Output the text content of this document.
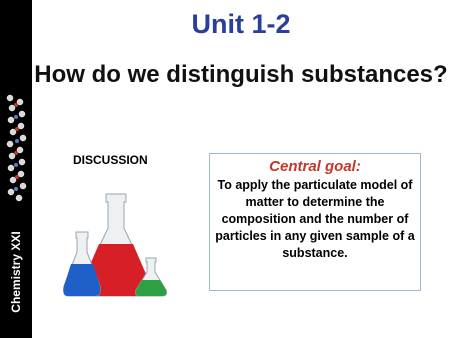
Chemistry XXI
Unit 1-2
How do we distinguish substances?
DISCUSSION	Central goal:
To apply the particulate model of matter to determine the composition and the number of particles in any given sample of a substance.
